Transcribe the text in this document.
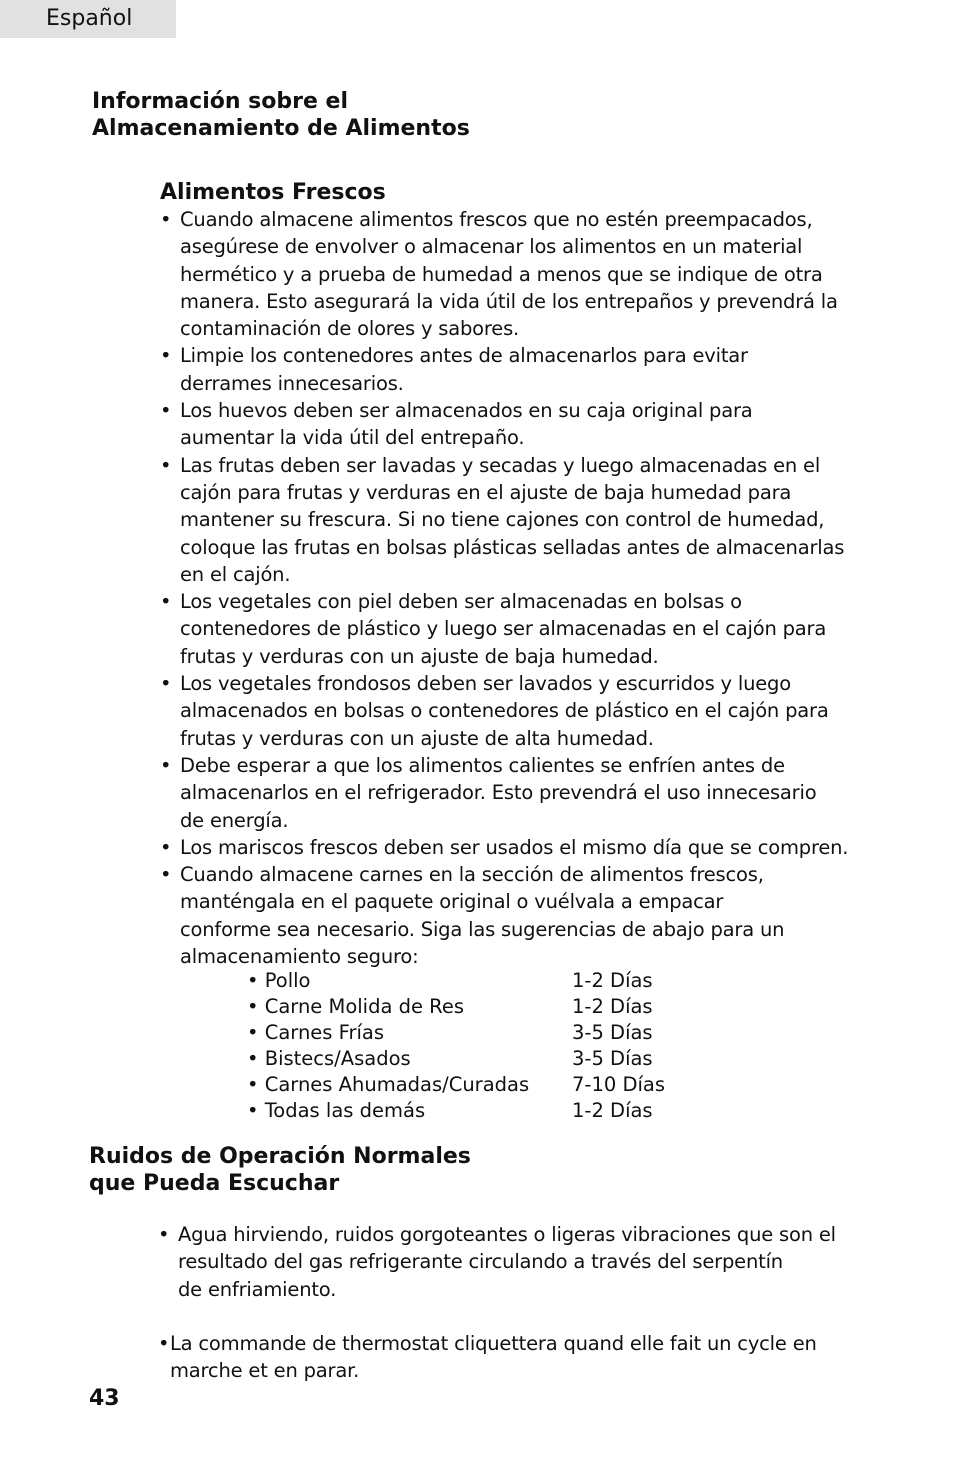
Español
Información sobre el
Almacenamiento de Alimentos
Alimentos Frescos
• Cuando almacene alimentos frescos que no estén preempacados,
asegúrese de envolver o almacenar los alimentos en un material
hermético y a prueba de humedad a menos que se indique de otra
manera. Esto asegurará la vida útil de los entrepaños y prevendrá la
contaminación de olores y sabores.
• Limpie los contenedores antes de almacenarlos para evitar
derrames innecesarios.
• Los huevos deben ser almacenados en su caja original para
aumentar la vida útil del entrepaño.
• Las frutas deben ser lavadas y secadas y luego almacenadas en el
cajón para frutas y verduras en el ajuste de baja humedad para
mantener su frescura. Si no tiene cajones con control de humedad,
coloque las frutas en bolsas plásticas selladas antes de almacenarlas
en el cajón.
• Los vegetales con piel deben ser almacenadas en bolsas o
contenedores de plástico y luego ser almacenadas en el cajón para
frutas y verduras con un ajuste de baja humedad.
• Los vegetales frondosos deben ser lavados y escurridos y luego
almacenados en bolsas o contenedores de plástico en el cajón para
frutas y verduras con un ajuste de alta humedad.
• Debe esperar a que los alimentos calientes se enfríen antes de
almacenarlos en el refrigerador. Esto prevendrá el uso innecesario
de energía.
• Los mariscos frescos deben ser usados el mismo día que se compren.
• Cuando almacene carnes en la sección de alimentos frescos,
manténgala en el paquete original o vuélvala a empacar
conforme sea necesario. Siga las sugerencias de abajo para un
almacenamiento seguro:
• Pollo	1-2 Días
• Carne Molida de Res	1-2 Días
• Carnes Frías	3-5 Días
• Bistecs/Asados	3-5 Días
• Carnes Ahumadas/Curadas 7-10 Días
• Todas las demás	1-2 Días
Ruidos de Operación Normales
que Pueda Escuchar
• Agua hirviendo, ruidos gorgoteantes o ligeras vibraciones que son el
resultado del gas refrigerante circulando a través del serpentín
de enfriamiento.
• La commande de thermostat cliquettera quand elle fait un cycle en
marche et en parar.
43
